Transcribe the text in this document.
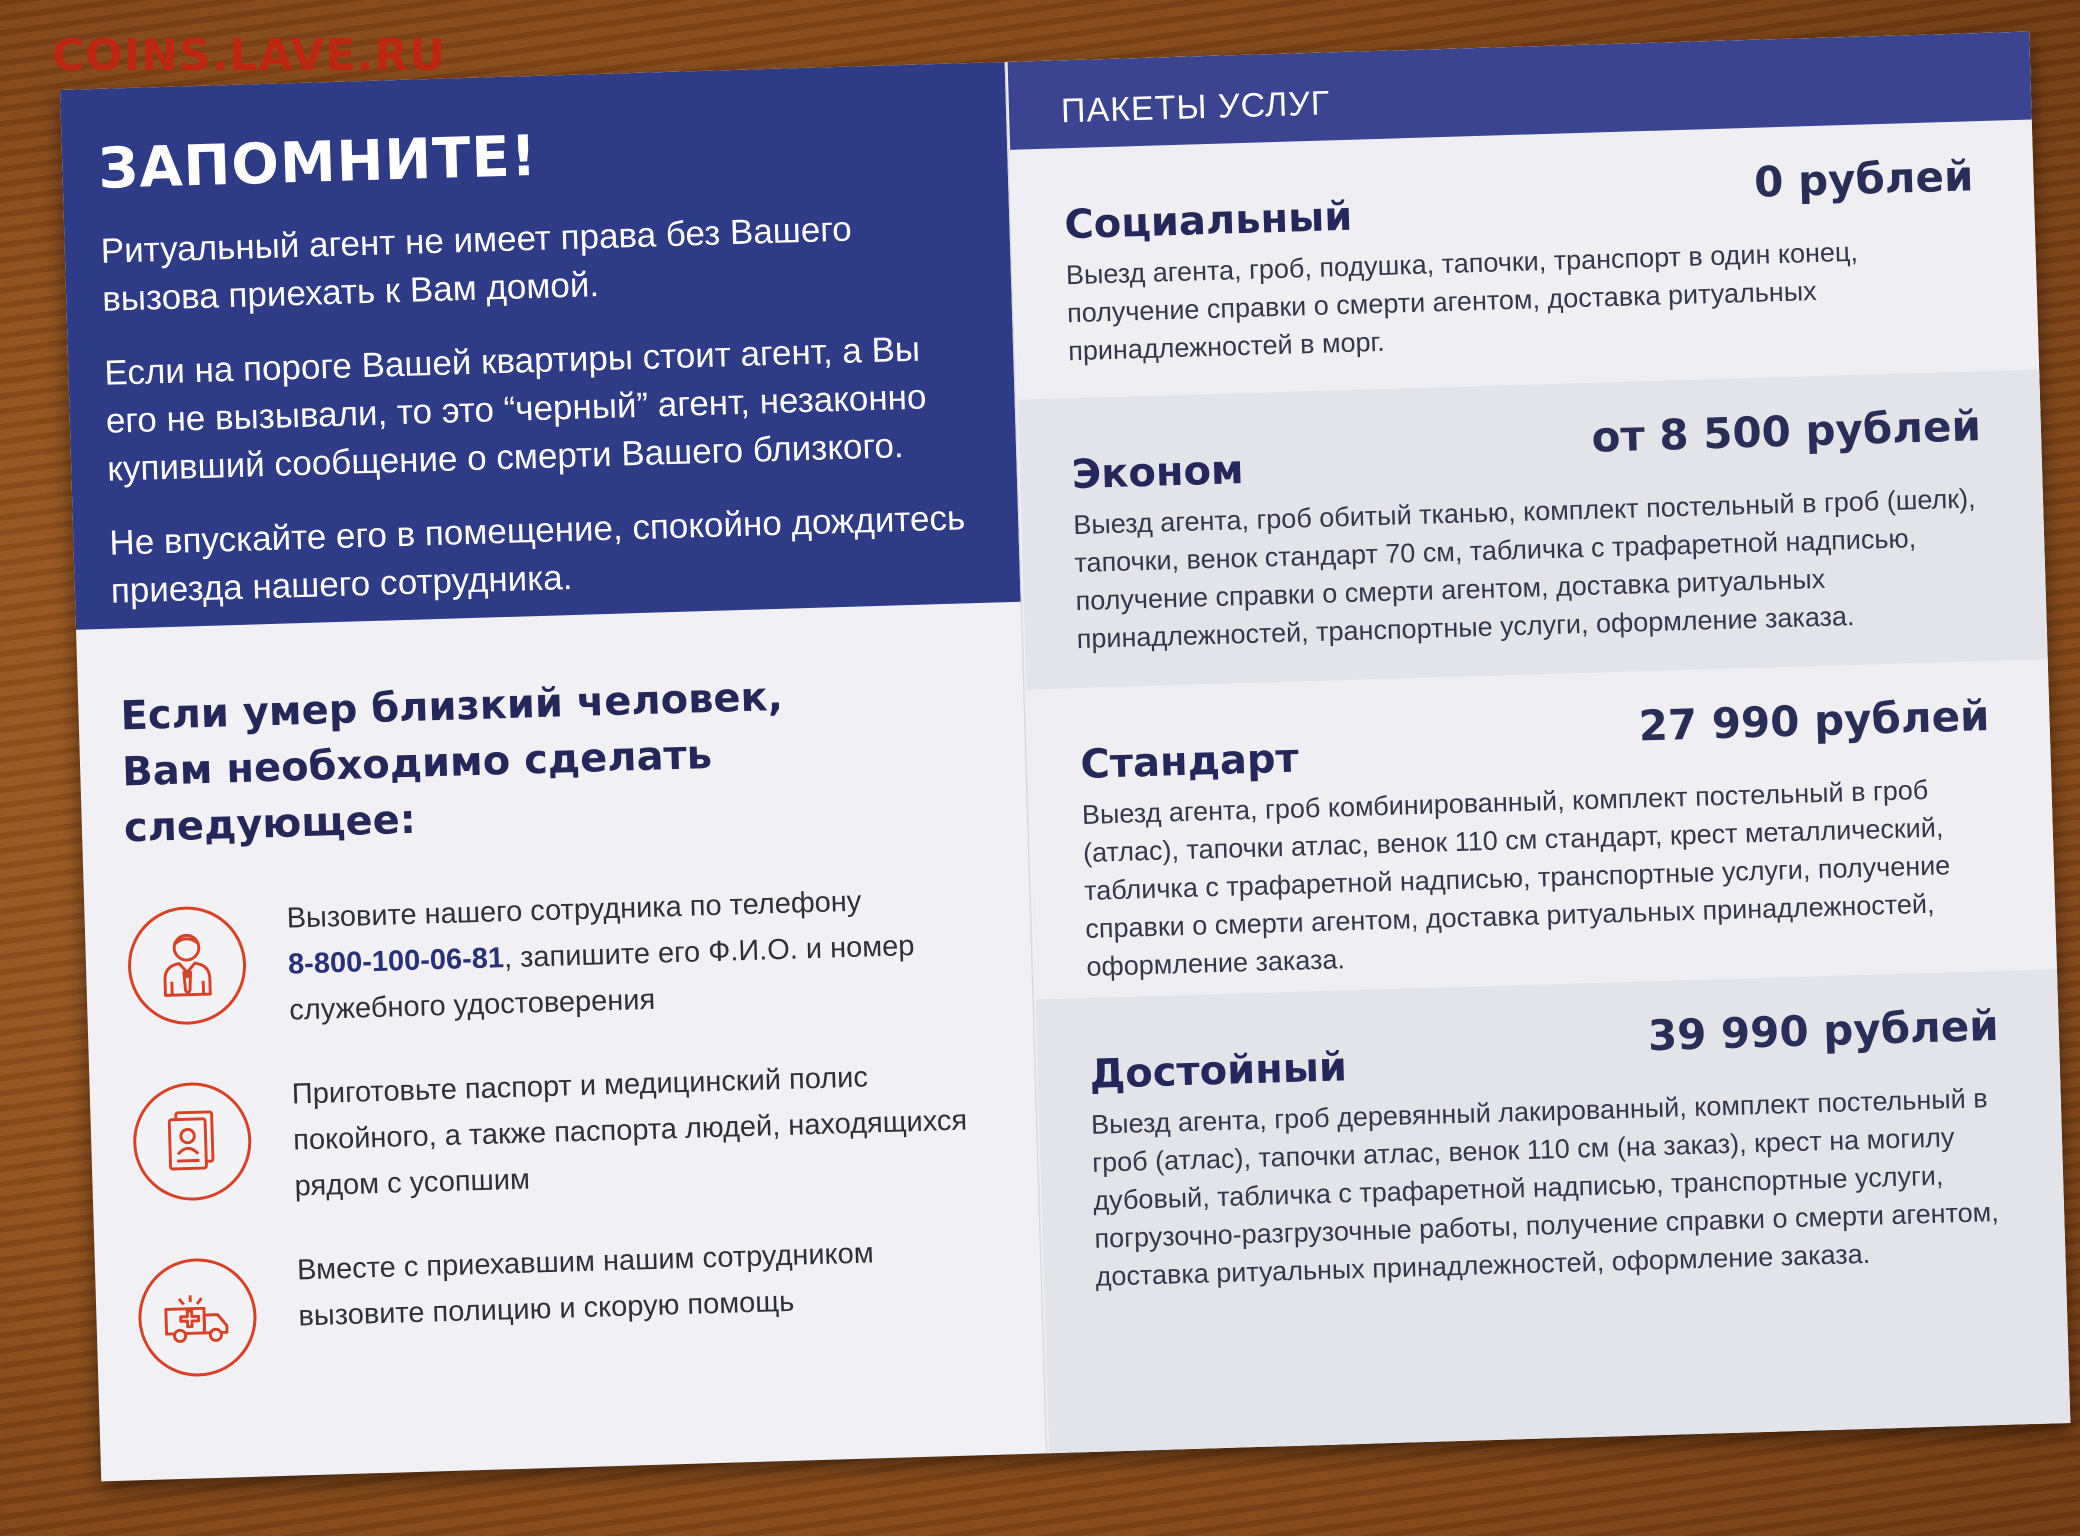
COINS.LAVE.RU
ЗАПОМНИТЕ!

Ритуальный агент не имеет права без Вашего вызова приехать к Вам домой.

Если на пороге Вашей квартиры стоит агент, а Вы его не вызывали, то это “черный” агент, незаконно купивший сообщение о смерти Вашего близкого.

Не впускайте его в помещение, спокойно дождитесь приезда нашего сотрудника.

Если умер близкий человек,
Вам необходимо сделать следующее:
Вызовите нашего сотрудника по телефону
8-800-100-06-81, запишите его Ф.И.О. и номер служебного удостоверения
Приготовьте паспорт и медицинский полис покойного, а также паспорта людей, находящихся рядом с усопшим
Вместе с приехавшим нашим сотрудником вызовите полицию и скорую помощь
ПАКЕТЫ УСЛУГ
Социальный
0 рублей
Выезд агента, гроб, подушка, тапочки, транспорт в один конец, получение справки о смерти агентом, доставка ритуальных принадлежностей в морг.
Эконом
от 8 500 рублей
Выезд агента, гроб обитый тканью, комплект постельный в гроб (шелк), тапочки, венок стандарт 70 см, табличка с трафаретной надписью, получение справки о смерти агентом, доставка ритуальных принадлежностей, транспортные услуги, оформление заказа.
Стандарт
27 990 рублей
Выезд агента, гроб комбинированный, комплект постельный в гроб (атлас), тапочки атлас, венок 110 см стандарт, крест металлический, табличка с трафаретной надписью, транспортные услуги, получение справки о смерти агентом, доставка ритуальных принадлежностей, оформление заказа.
Достойный
39 990 рублей
Выезд агента, гроб деревянный лакированный, комплект постельный в гроб (атлас), тапочки атлас, венок 110 см (на заказ), крест на могилу дубовый, табличка с трафаретной надписью, транспортные услуги, погрузочно-разгрузочные работы, получение справки о смерти агентом, доставка ритуальных принадлежностей, оформление заказа.
